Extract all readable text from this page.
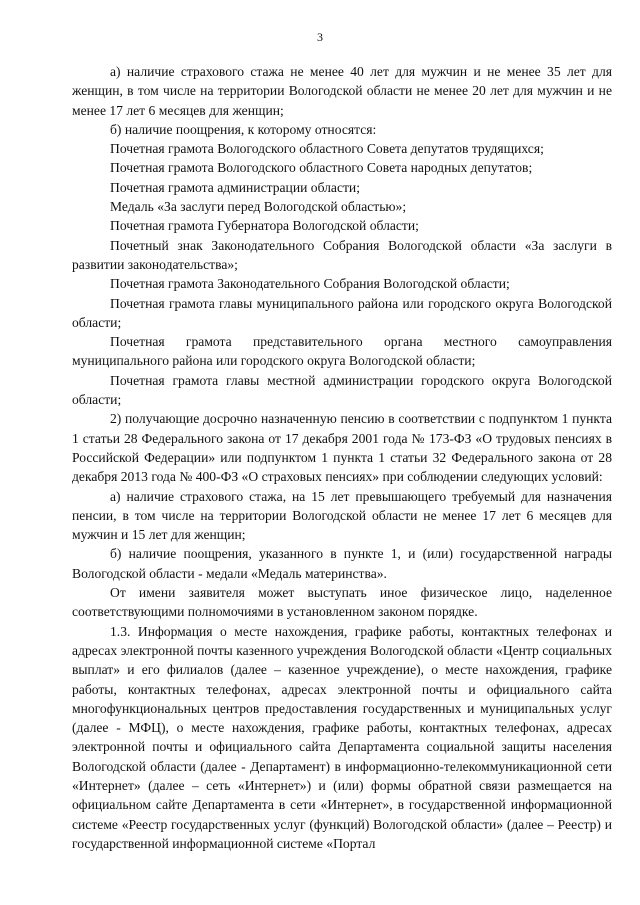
3

а) наличие страхового стажа не менее 40 лет для мужчин и не менее 35 лет для женщин, в том числе на территории Вологодской области не менее 20 лет для мужчин и не менее 17 лет 6 месяцев для женщин;

б) наличие поощрения, к которому относятся:

Почетная грамота Вологодского областного Совета депутатов трудящихся;

Почетная грамота Вологодского областного Совета народных депутатов;

Почетная грамота администрации области;

Медаль «За заслуги перед Вологодской областью»;

Почетная грамота Губернатора Вологодской области;

Почетный знак Законодательного Собрания Вологодской области «За заслуги в развитии законодательства»;

Почетная грамота Законодательного Собрания Вологодской области;

Почетная грамота главы муниципального района или городского округа Вологодской области;

Почетная грамота представительного органа местного самоуправления муниципального района или городского округа Вологодской области;

Почетная грамота главы местной администрации городского округа Вологодской области;

2) получающие досрочно назначенную пенсию в соответствии с подпунктом 1 пункта 1 статьи 28 Федерального закона от 17 декабря 2001 года № 173-ФЗ «О трудовых пенсиях в Российской Федерации» или подпунктом 1 пункта 1 статьи 32 Федерального закона от 28 декабря 2013 года № 400-ФЗ «О страховых пенсиях» при соблюдении следующих условий:

а) наличие страхового стажа, на 15 лет превышающего требуемый для назначения пенсии, в том числе на территории Вологодской области не менее 17 лет 6 месяцев для мужчин и 15 лет для женщин;

б) наличие поощрения, указанного в пункте 1, и (или) государственной награды Вологодской области - медали «Медаль материнства».

От имени заявителя может выступать иное физическое лицо, наделенное соответствующими полномочиями в установленном законом порядке.

1.3. Информация о месте нахождения, графике работы, контактных телефонах и адресах электронной почты казенного учреждения Вологодской области «Центр социальных выплат» и его филиалов (далее – казенное учреждение), о месте нахождения, графике работы, контактных телефонах, адресах электронной почты и официального сайта многофункциональных центров предоставления государственных и муниципальных услуг (далее - МФЦ), о месте нахождения, графике работы, контактных телефонах, адресах электронной почты и официального сайта Департамента социальной защиты населения Вологодской области (далее - Департамент) в информационно-телекоммуникационной сети «Интернет» (далее – сеть «Интернет») и (или) формы обратной связи размещается на официальном сайте Департамента в сети «Интернет», в государственной информационной системе «Реестр государственных услуг (функций) Вологодской области» (далее – Реестр) и государственной информационной системе «Портал
